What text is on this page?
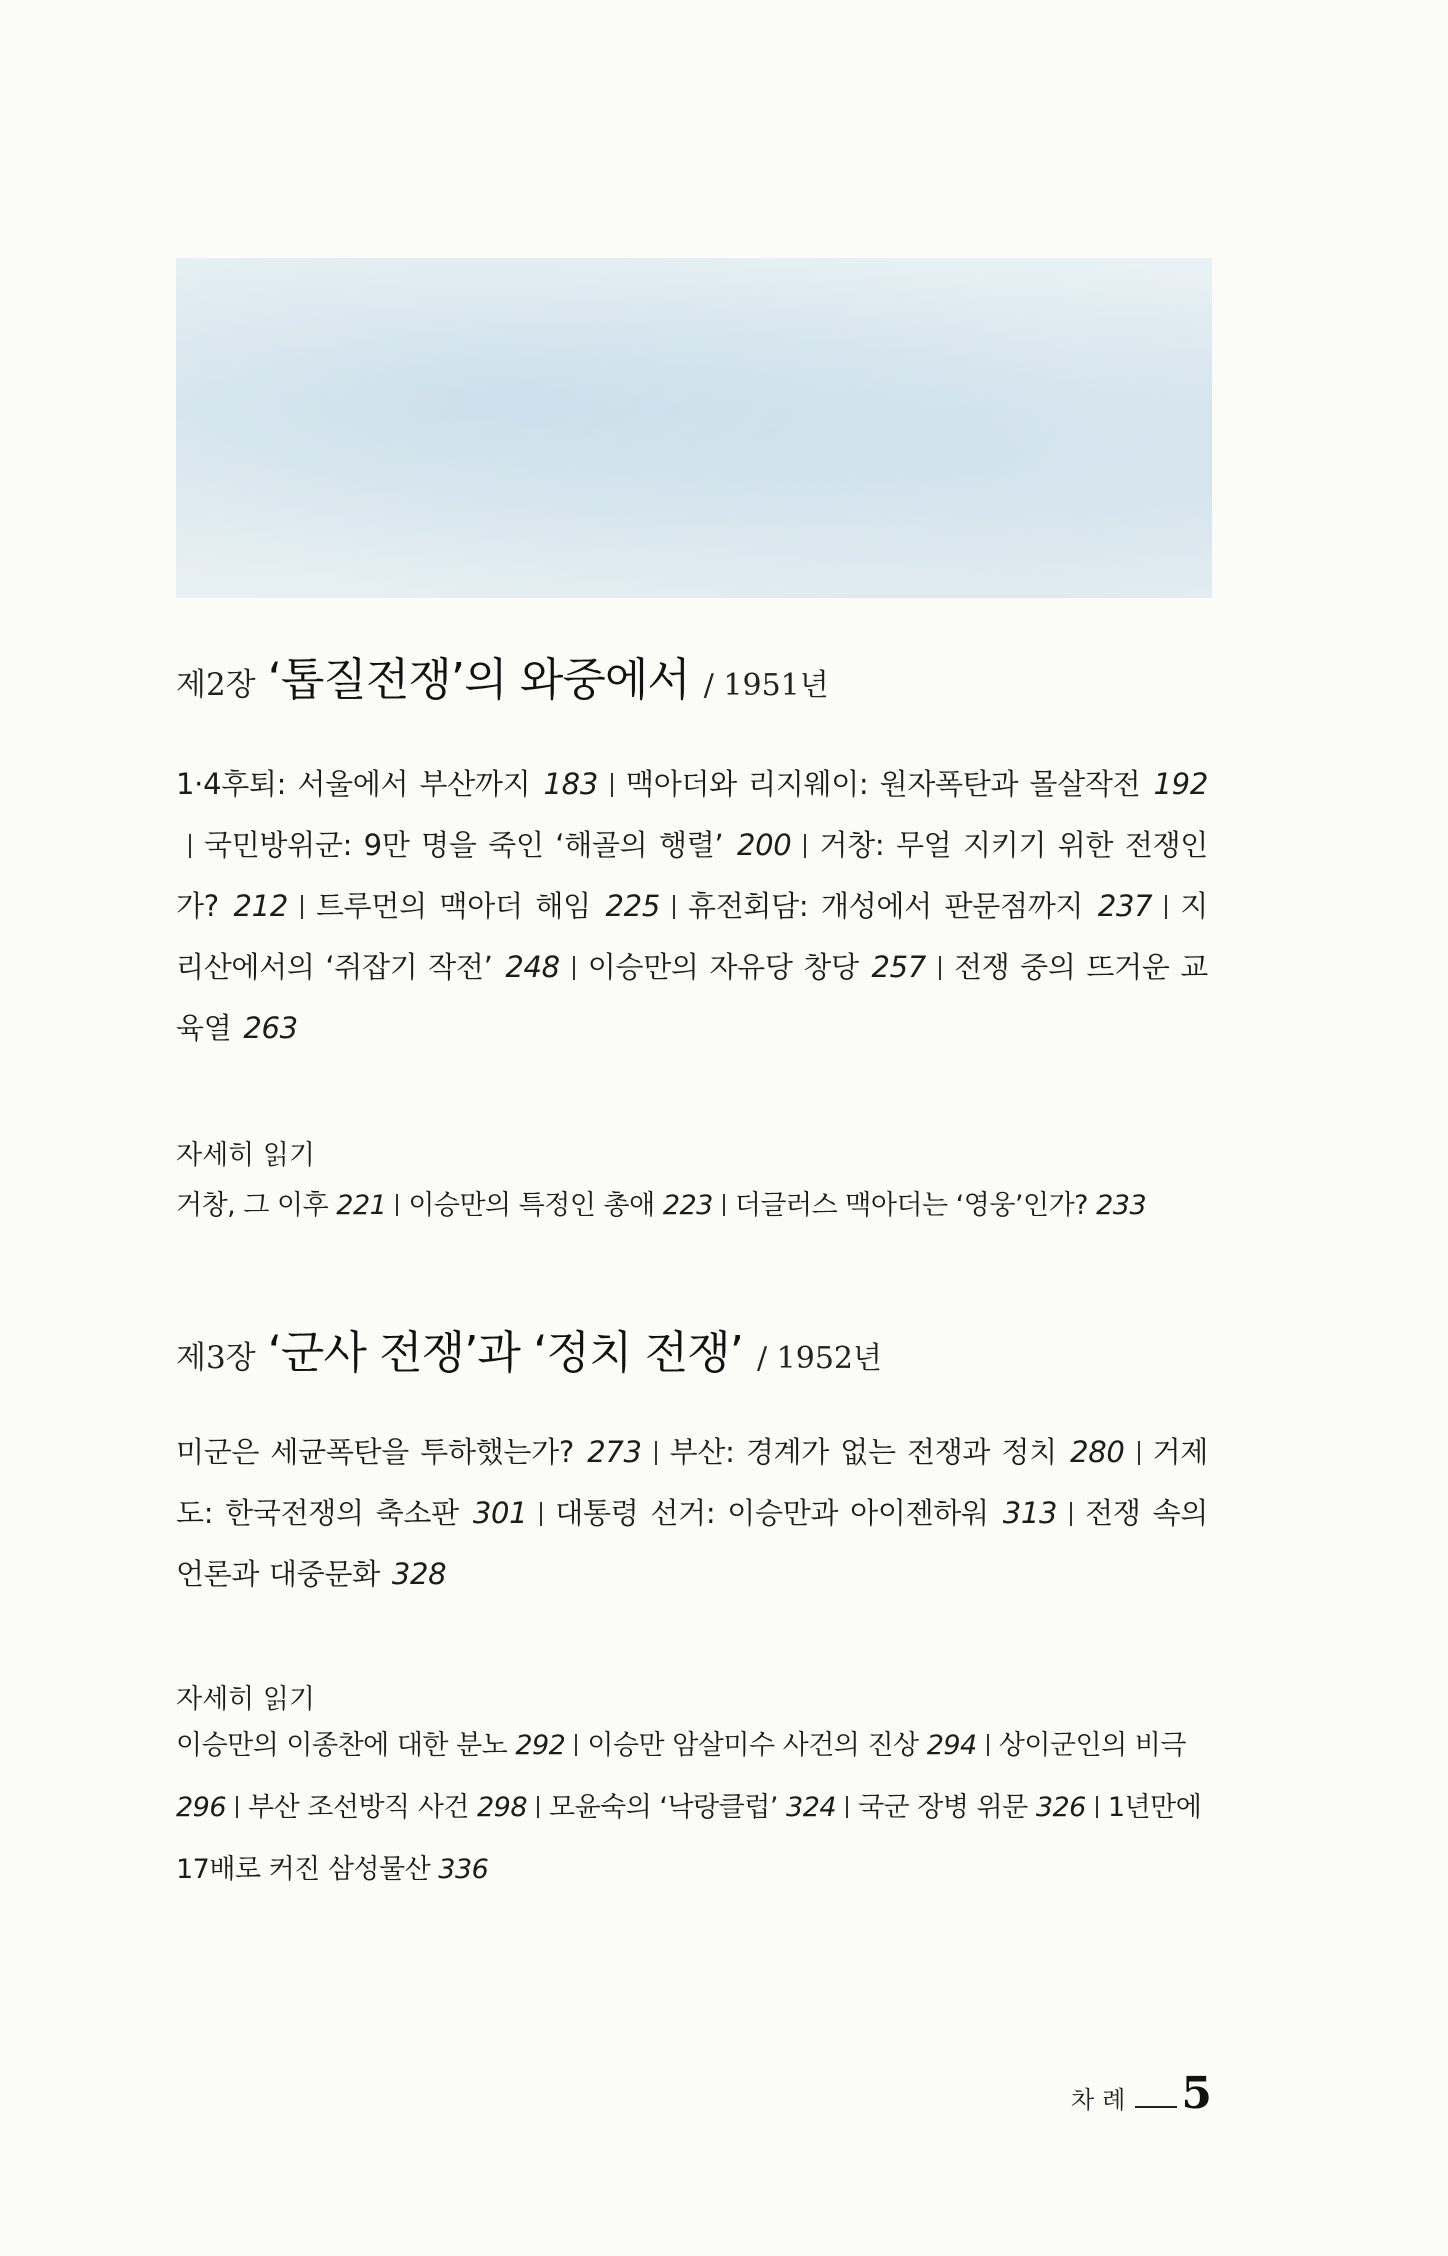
제2장 ‘톱질전쟁’의 와중에서 / 1951년
1·4후퇴: 서울에서 부산까지 183 맥아더와 리지웨이: 원자폭탄과 몰살작전 192국민방위군: 9만 명을 죽인 ‘해골의 행렬’ 200 거창: 무얼 지키기 위한 전쟁인가? 212 트루먼의 맥아더 해임 225 휴전회담: 개성에서 판문점까지 237 지리산에서의 ‘쥐잡기 작전’ 248 이승만의 자유당 창당 257 전쟁 중의 뜨거운 교육열 263
자세히 읽기
거창, 그 이후 221 이승만의 특정인 총애 223 더글러스 맥아더는 ‘영웅’인가? 233
제3장 ‘군사 전쟁’과 ‘정치 전쟁’ / 1952년
미군은 세균폭탄을 투하했는가? 273 부산: 경계가 없는 전쟁과 정치 280 거제도: 한국전쟁의 축소판 301 대통령 선거: 이승만과 아이젠하워 313 전쟁 속의 언론과 대중문화 328
자세히 읽기
이승만의 이종찬에 대한 분노 292 이승만 암살미수 사건의 진상 294 상이군인의 비극 296 부산 조선방직 사건 298 모윤숙의 ‘낙랑클럽’ 324 국군 장병 위문 326 1년만에 17배로 커진 삼성물산 336
차례 5
